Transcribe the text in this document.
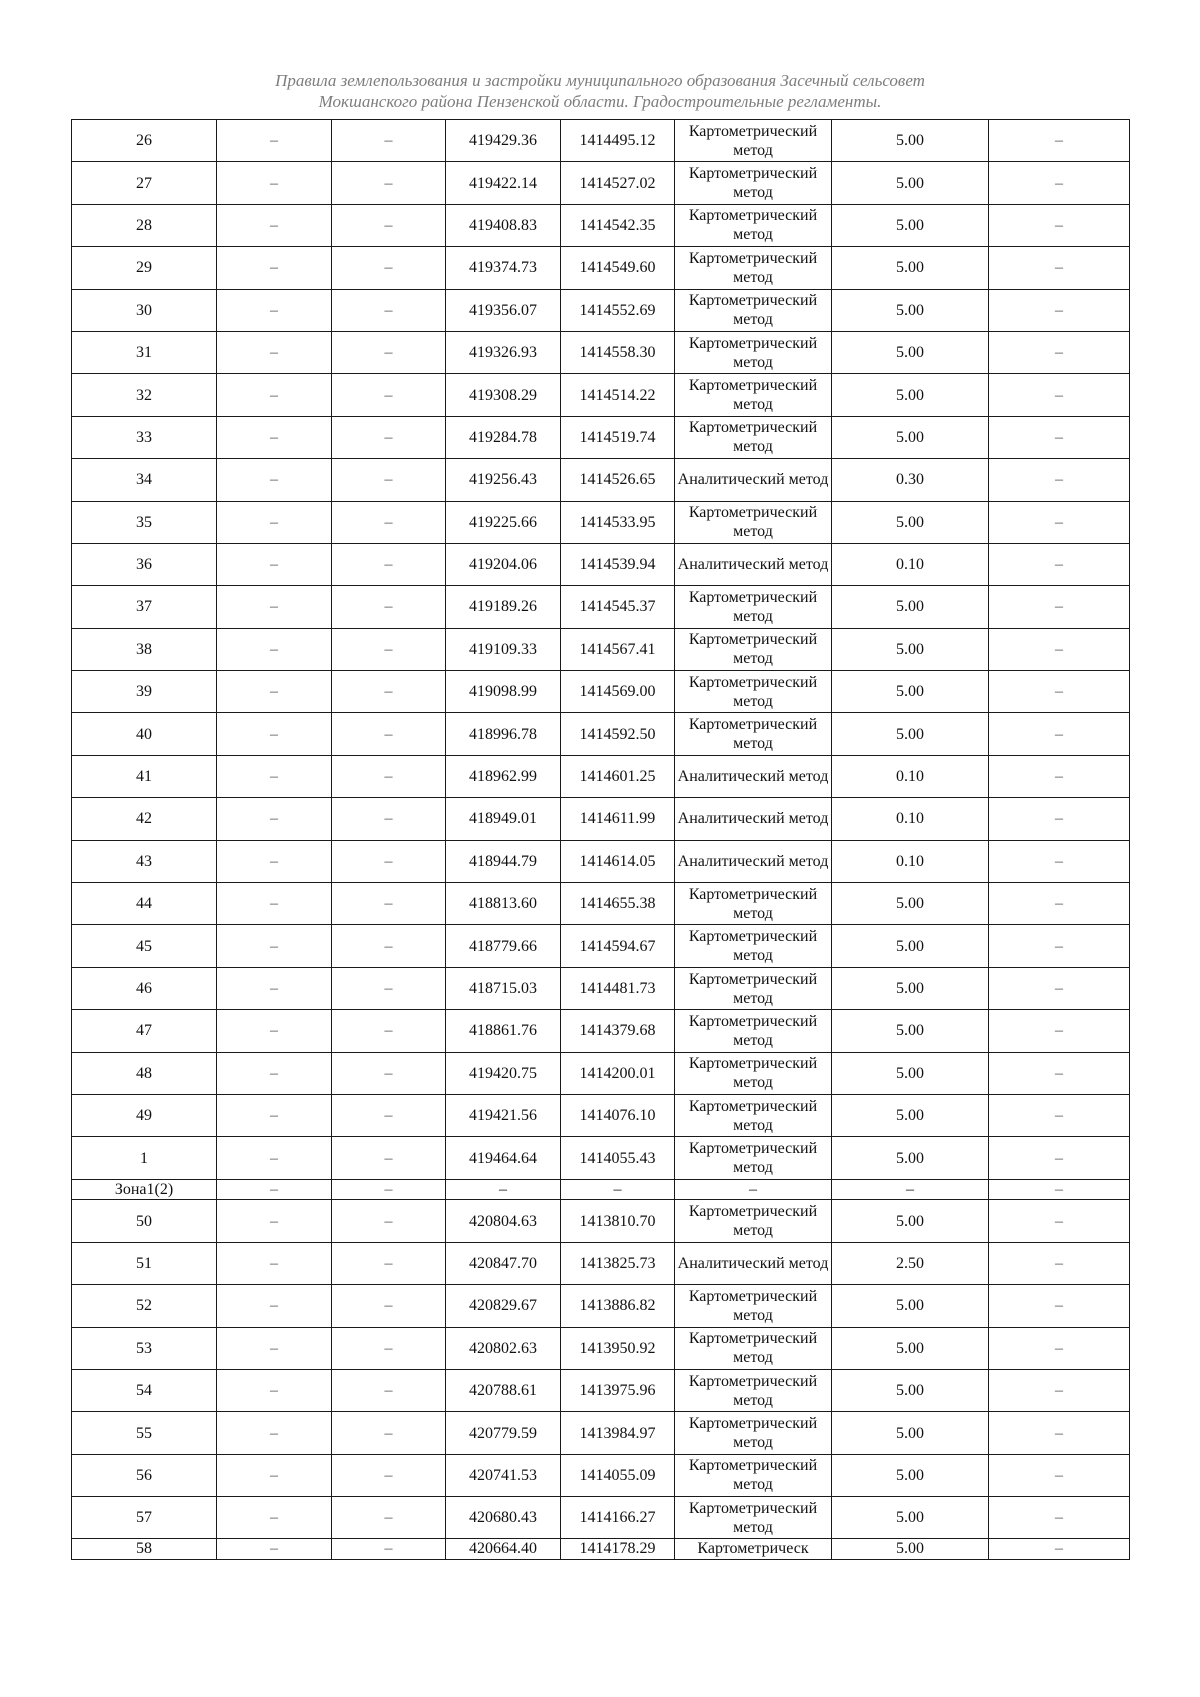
Правила землепользования и застройки муниципального образования Засечный сельсовет
Мокшанского района Пензенской области. Градостроительные регламенты.
26	–	–	419429.36	1414495.12	Картометрический метод	5.00	–
27	–	–	419422.14	1414527.02	Картометрический метод	5.00	–
28	–	–	419408.83	1414542.35	Картометрический метод	5.00	–
29	–	–	419374.73	1414549.60	Картометрический метод	5.00	–
30	–	–	419356.07	1414552.69	Картометрический метод	5.00	–
31	–	–	419326.93	1414558.30	Картометрический метод	5.00	–
32	–	–	419308.29	1414514.22	Картометрический метод	5.00	–
33	–	–	419284.78	1414519.74	Картометрический метод	5.00	–
34	–	–	419256.43	1414526.65	Аналитический метод	0.30	–
35	–	–	419225.66	1414533.95	Картометрический метод	5.00	–
36	–	–	419204.06	1414539.94	Аналитический метод	0.10	–
37	–	–	419189.26	1414545.37	Картометрический метод	5.00	–
38	–	–	419109.33	1414567.41	Картометрический метод	5.00	–
39	–	–	419098.99	1414569.00	Картометрический метод	5.00	–
40	–	–	418996.78	1414592.50	Картометрический метод	5.00	–
41	–	–	418962.99	1414601.25	Аналитический метод	0.10	–
42	–	–	418949.01	1414611.99	Аналитический метод	0.10	–
43	–	–	418944.79	1414614.05	Аналитический метод	0.10	–
44	–	–	418813.60	1414655.38	Картометрический метод	5.00	–
45	–	–	418779.66	1414594.67	Картометрический метод	5.00	–
46	–	–	418715.03	1414481.73	Картометрический метод	5.00	–
47	–	–	418861.76	1414379.68	Картометрический метод	5.00	–
48	–	–	419420.75	1414200.01	Картометрический метод	5.00	–
49	–	–	419421.56	1414076.10	Картометрический метод	5.00	–
1	–	–	419464.64	1414055.43	Картометрический метод	5.00	–
Зона1(2)	–	–	–	–	–	–	–
50	–	–	420804.63	1413810.70	Картометрический метод	5.00	–
51	–	–	420847.70	1413825.73	Аналитический метод	2.50	–
52	–	–	420829.67	1413886.82	Картометрический метод	5.00	–
53	–	–	420802.63	1413950.92	Картометрический метод	5.00	–
54	–	–	420788.61	1413975.96	Картометрический метод	5.00	–
55	–	–	420779.59	1413984.97	Картометрический метод	5.00	–
56	–	–	420741.53	1414055.09	Картометрический метод	5.00	–
57	–	–	420680.43	1414166.27	Картометрический метод	5.00	–
58	–	–	420664.40	1414178.29	Картометрическ	5.00	–
